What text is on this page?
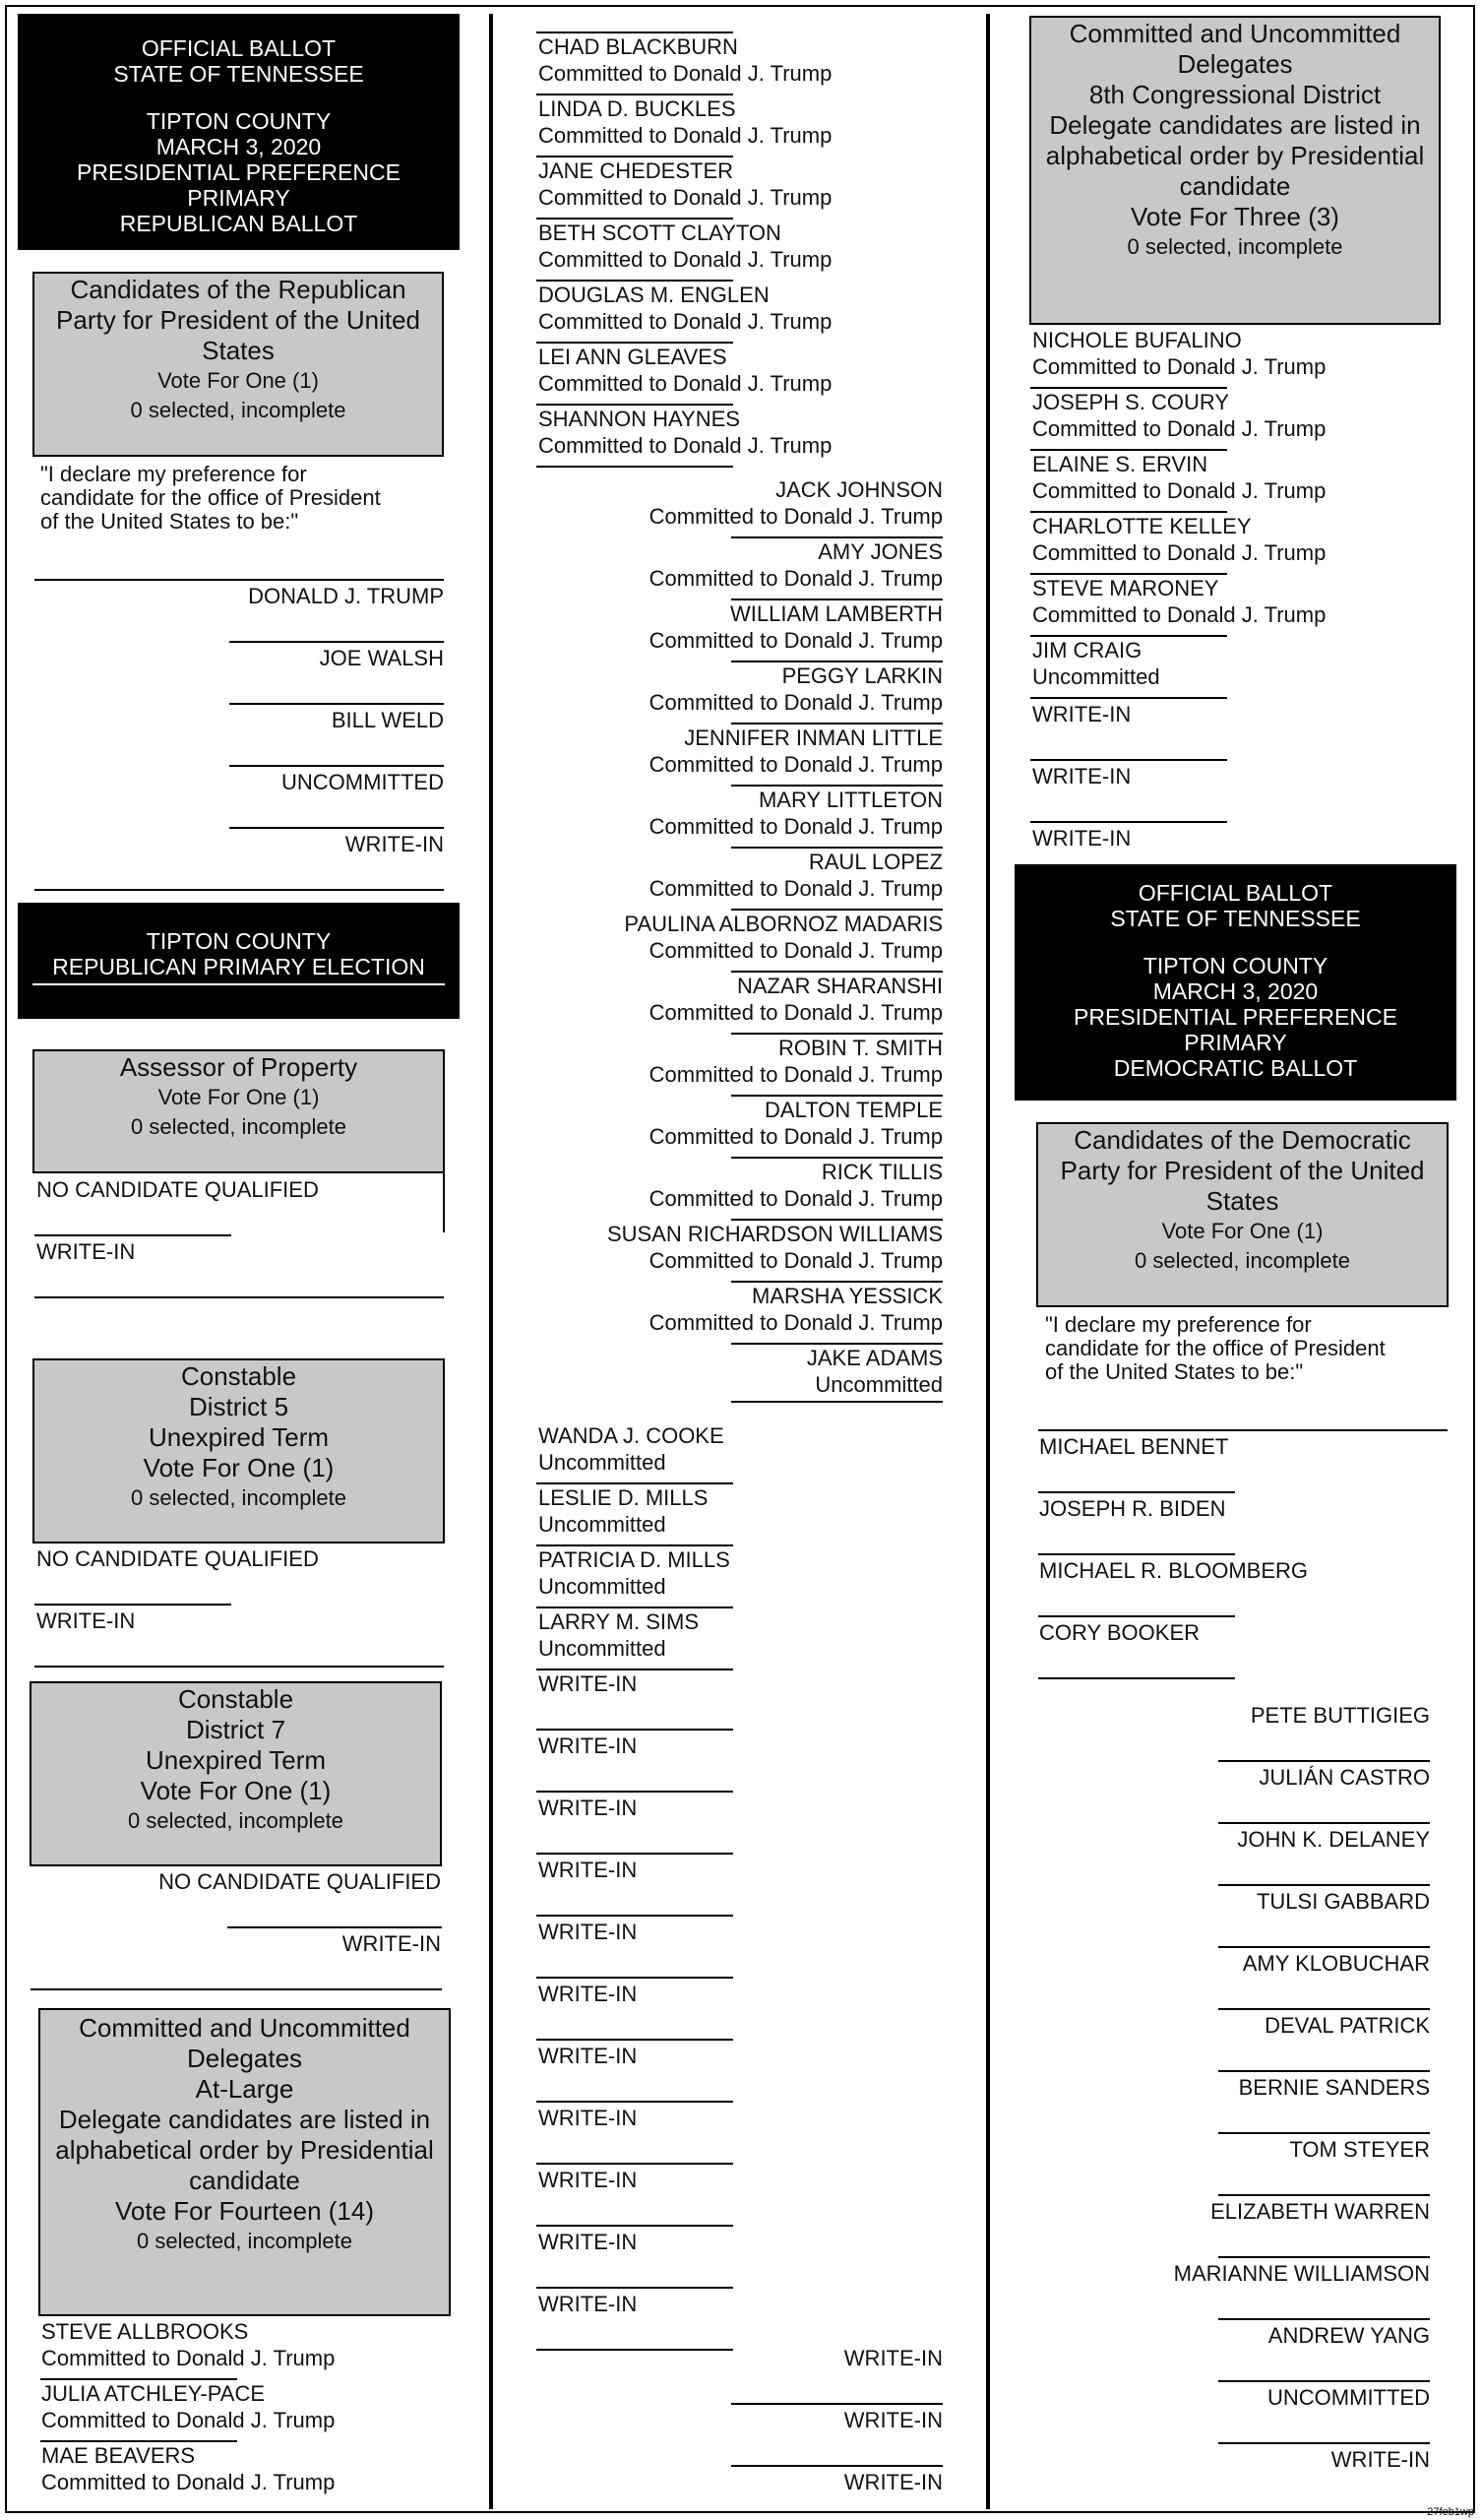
OFFICIAL BALLOT
STATE OF TENNESSEE
TIPTON COUNTY
MARCH 3, 2020
PRESIDENTIAL PREFERENCE
PRIMARY
REPUBLICAN BALLOT
Candidates of the Republican
Party for President of the United
States
Vote For One (1)
0 selected, incomplete
"I declare my preference for
candidate for the office of President
of the United States to be:"
DONALD J. TRUMP
JOE WALSH
BILL WELD
UNCOMMITTED
WRITE-IN
TIPTON COUNTY
REPUBLICAN PRIMARY ELECTION
Assessor of Property
Vote For One (1)
0 selected, incomplete
NO CANDIDATE QUALIFIED
WRITE-IN
Constable
District 5
Unexpired Term
Vote For One (1)
0 selected, incomplete
NO CANDIDATE QUALIFIED
WRITE-IN
Constable
District 7
Unexpired Term
Vote For One (1)
0 selected, incomplete
NO CANDIDATE QUALIFIED
WRITE-IN
Committed and Uncommitted
Delegates
At-Large
Delegate candidates are listed in
alphabetical order by Presidential
candidate
Vote For Fourteen (14)
0 selected, incomplete
STEVE ALLBROOKS
Committed to Donald J. Trump
JULIA ATCHLEY-PACE
Committed to Donald J. Trump
MAE BEAVERS
Committed to Donald J. Trump
CHAD BLACKBURN
Committed to Donald J. Trump
LINDA D. BUCKLES
Committed to Donald J. Trump
JANE CHEDESTER
Committed to Donald J. Trump
BETH SCOTT CLAYTON
Committed to Donald J. Trump
DOUGLAS M. ENGLEN
Committed to Donald J. Trump
LEI ANN GLEAVES
Committed to Donald J. Trump
SHANNON HAYNES
Committed to Donald J. Trump
WANDA J. COOKE
Uncommitted
LESLIE D. MILLS
Uncommitted
PATRICIA D. MILLS
Uncommitted
LARRY M. SIMS
Uncommitted
Committed and Uncommitted
Delegates
8th Congressional District
Delegate candidates are listed in
alphabetical order by Presidential
candidate
Vote For Three (3)
0 selected, incomplete
OFFICIAL BALLOT
STATE OF TENNESSEE
TIPTON COUNTY
MARCH 3, 2020
PRESIDENTIAL PREFERENCE
PRIMARY
DEMOCRATIC BALLOT
Candidates of the Democratic
Party for President of the United
States
Vote For One (1)
0 selected, incomplete
"I declare my preference for
candidate for the office of President
of the United States to be:"
27feb1wp
JACK JOHNSON
Committed to Donald J. Trump
AMY JONES
Committed to Donald J. Trump
WILLIAM LAMBERTH
Committed to Donald J. Trump
PEGGY LARKIN
Committed to Donald J. Trump
JENNIFER INMAN LITTLE
Committed to Donald J. Trump
MARY LITTLETON
Committed to Donald J. Trump
RAUL LOPEZ
Committed to Donald J. Trump
PAULINA ALBORNOZ MADARIS
Committed to Donald J. Trump
NAZAR SHARANSHI
Committed to Donald J. Trump
ROBIN T. SMITH
Committed to Donald J. Trump
DALTON TEMPLE
Committed to Donald J. Trump
RICK TILLIS
Committed to Donald J. Trump
SUSAN RICHARDSON WILLIAMS
Committed to Donald J. Trump
MARSHA YESSICK
Committed to Donald J. Trump
JAKE ADAMS
Uncommitted
WRITE-IN
WRITE-IN
WRITE-IN
WRITE-IN
WRITE-IN
WRITE-IN
WRITE-IN
WRITE-IN
WRITE-IN
WRITE-IN
WRITE-IN
WRITE-IN
WRITE-IN
WRITE-IN
NICHOLE BUFALINO
Committed to Donald J. Trump
JOSEPH S. COURY
Committed to Donald J. Trump
ELAINE S. ERVIN
Committed to Donald J. Trump
CHARLOTTE KELLEY
Committed to Donald J. Trump
STEVE MARONEY
Committed to Donald J. Trump
JIM CRAIG
Uncommitted
WRITE-IN
WRITE-IN
WRITE-IN
MICHAEL BENNET
JOSEPH R. BIDEN
MICHAEL R. BLOOMBERG
CORY BOOKER
PETE BUTTIGIEG
JULIÁN CASTRO
JOHN K. DELANEY
TULSI GABBARD
AMY KLOBUCHAR
DEVAL PATRICK
BERNIE SANDERS
TOM STEYER
ELIZABETH WARREN
MARIANNE WILLIAMSON
ANDREW YANG
UNCOMMITTED
WRITE-IN
